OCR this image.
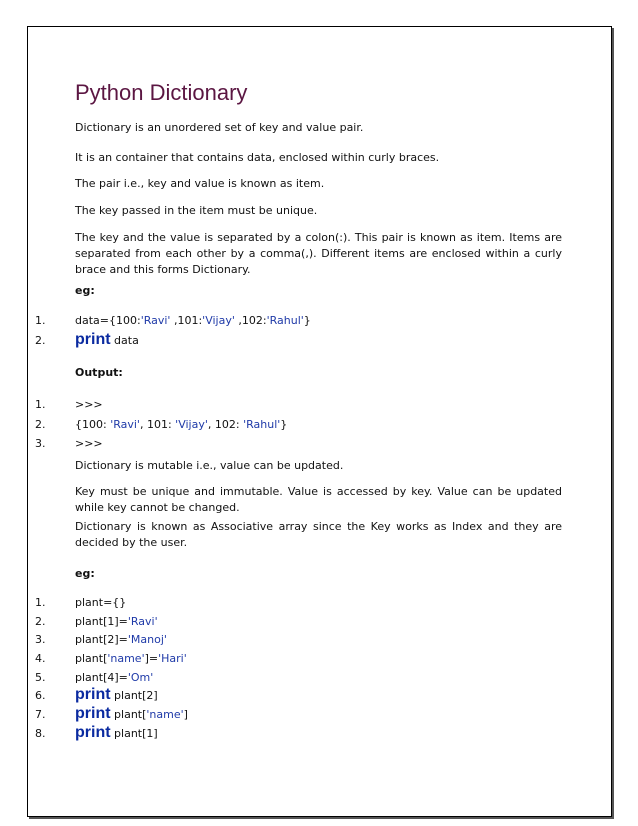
Python Dictionary
Dictionary is an unordered set of key and value pair.
It is an container that contains data, enclosed within curly braces.
The pair i.e., key and value is known as item.
The key passed in the item must be unique.
The key and the value is separated by a colon(:). This pair is known as item. Items are separated from each other by a comma(,). Different items are enclosed within a curly brace and this forms Dictionary.
eg:
1.	data={100:'Ravi' ,101:'Vijay' ,102:'Rahul'}
2.	print data
Output:
1.	>>>
2.	{100: 'Ravi', 101: 'Vijay', 102: 'Rahul'}
3.	>>>
Dictionary is mutable i.e., value can be updated.
Key must be unique and immutable. Value is accessed by key. Value can be updated while key cannot be changed.
Dictionary is known as Associative array since the Key works as Index and they are decided by the user.
eg:
1.	plant={}
2.	plant[1]='Ravi'
3.	plant[2]='Manoj'
4.	plant['name']='Hari'
5.	plant[4]='Om'
6.	print plant[2]
7.	print plant['name']
8.	print plant[1]
